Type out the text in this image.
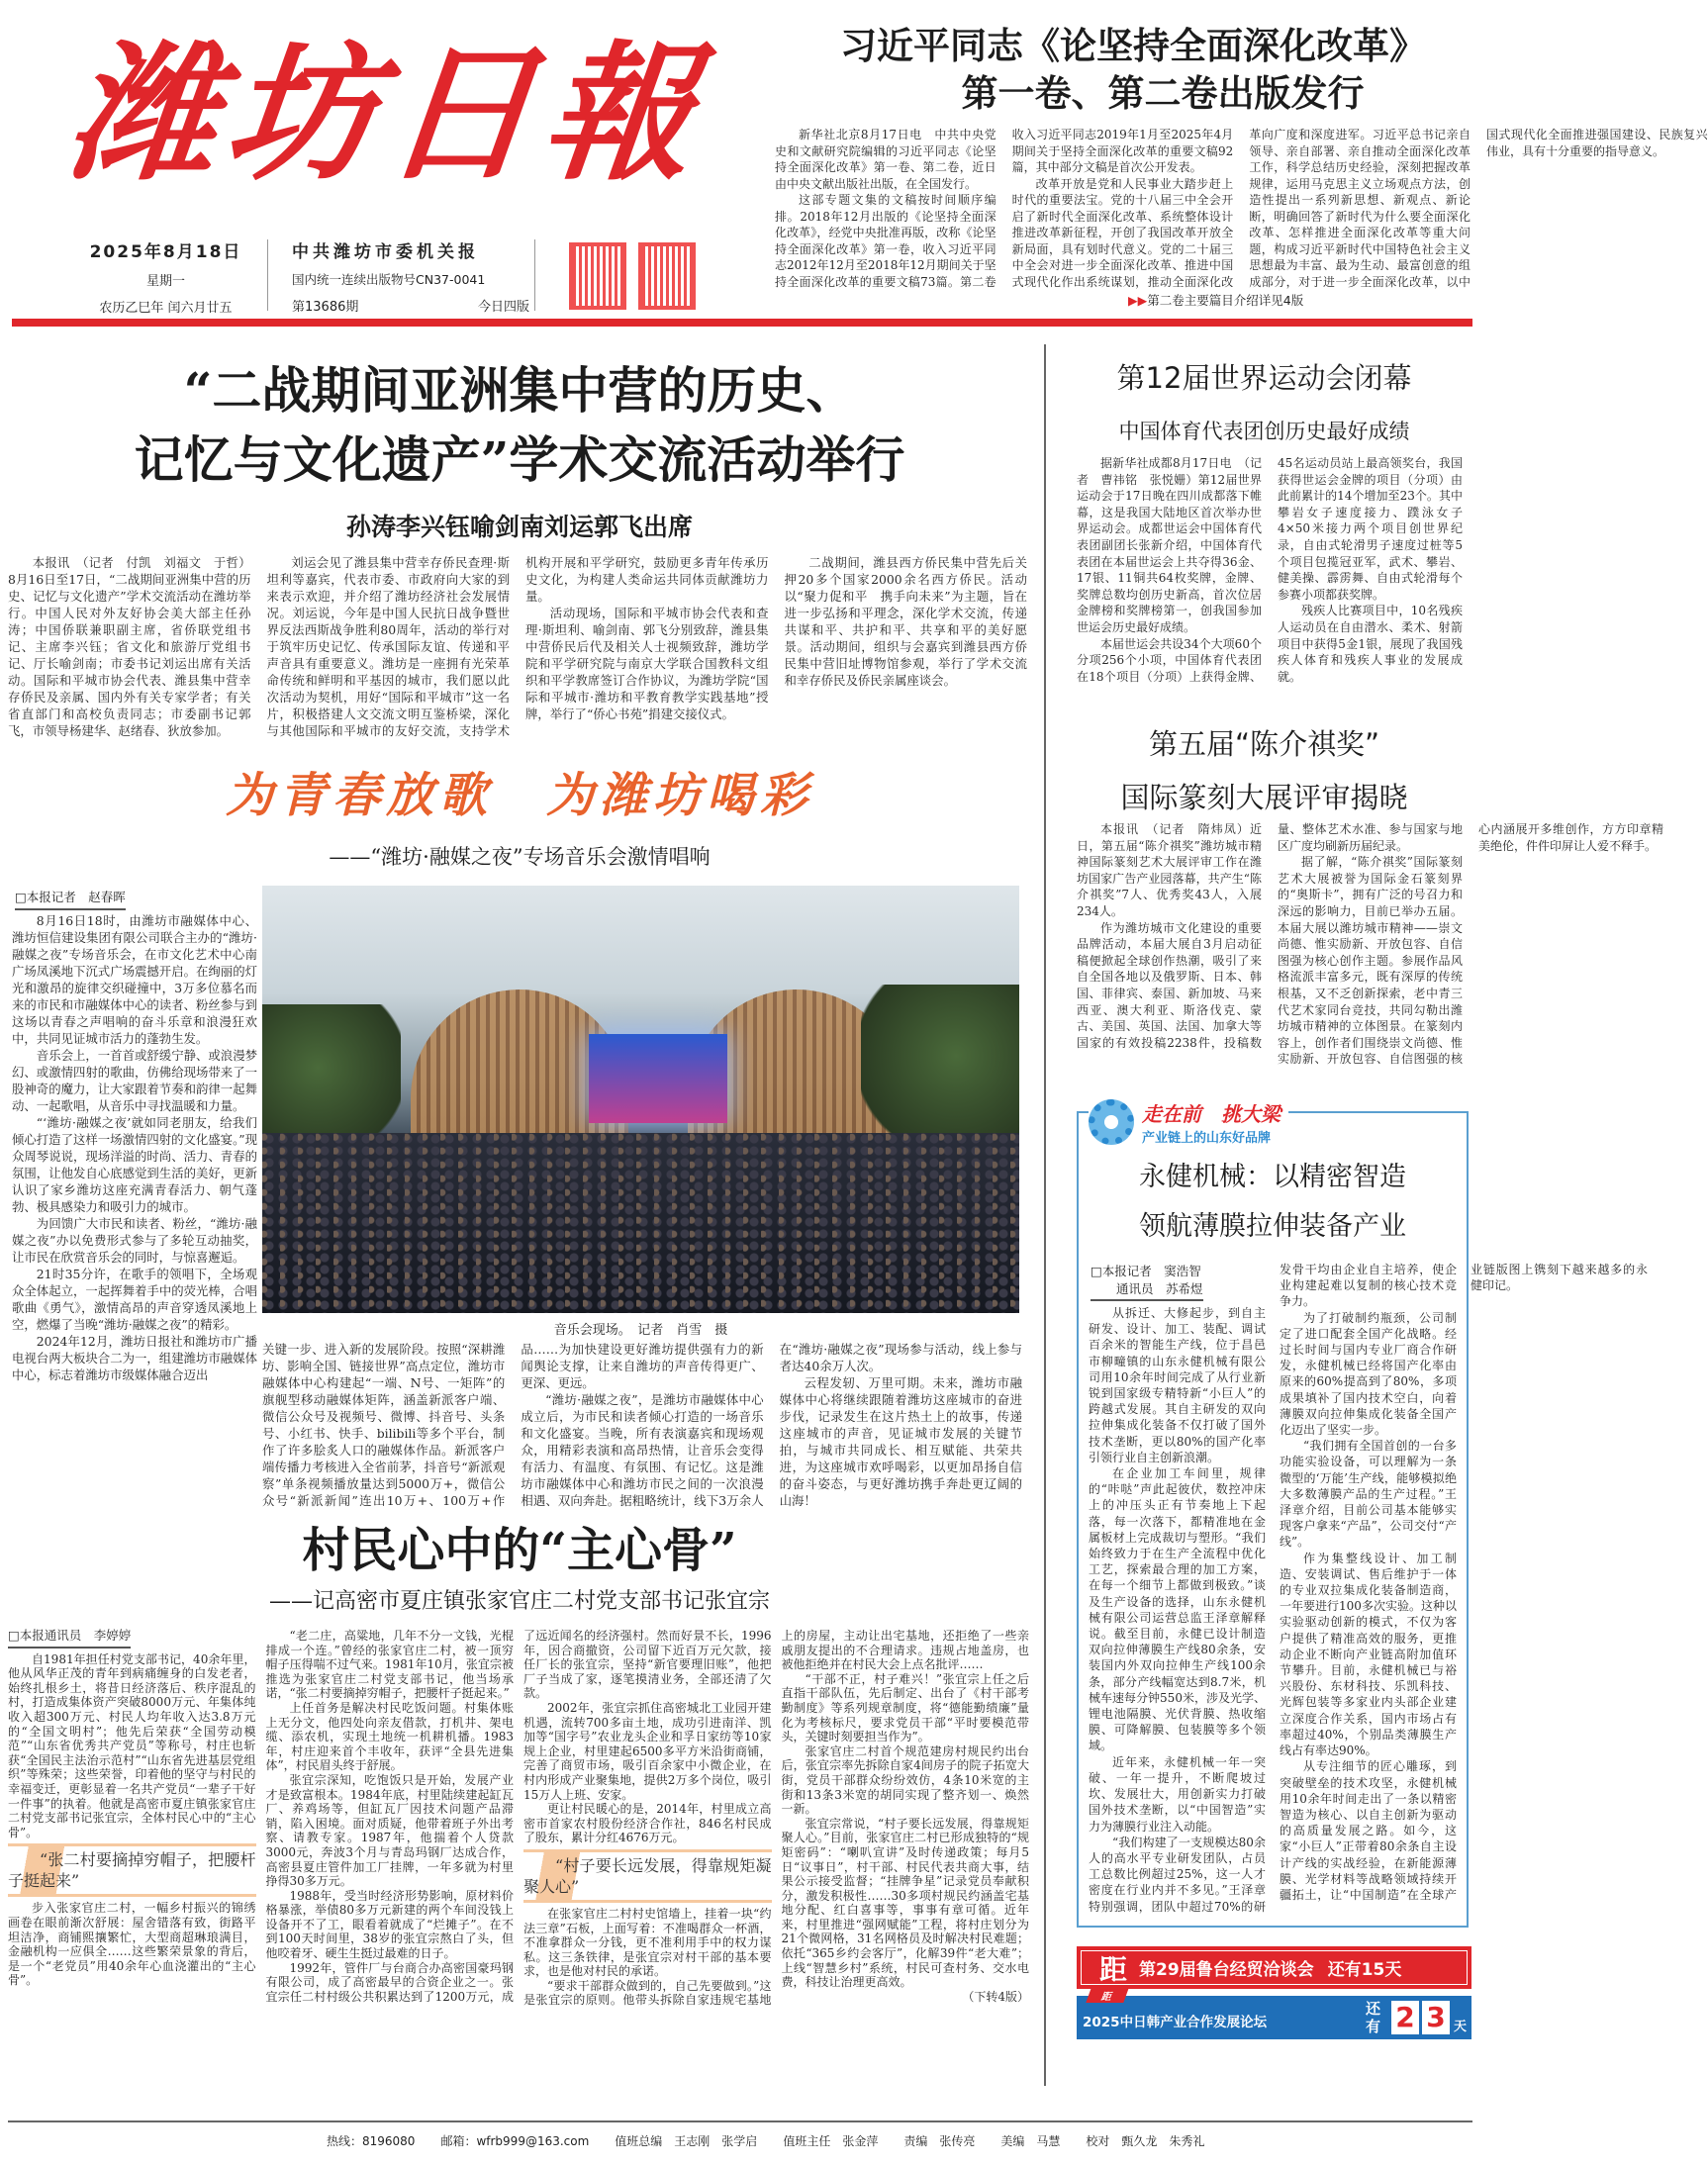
潍坊日報
2025年8月18日
星期一
农历乙巳年 闰六月廿五
中共潍坊市委机关报
国内统一连续出版物号CN37-0041
第13686期	今日四版
习近平同志《论坚持全面深化改革》
第一卷、第二卷出版发行

新华社北京8月17日电　中共中央党史和文献研究院编辑的习近平同志《论坚持全面深化改革》第一卷、第二卷，近日由中央文献出版社出版，在全国发行。

这部专题文集的文稿按时间顺序编排。2018年12月出版的《论坚持全面深化改革》，经党中央批准再版，改称《论坚持全面深化改革》第一卷，收入习近平同志2012年12月至2018年12月期间关于坚持全面深化改革的重要文稿73篇。第二卷收入习近平同志2019年1月至2025年4月期间关于坚持全面深化改革的重要文稿92篇，其中部分文稿是首次公开发表。

改革开放是党和人民事业大踏步赶上时代的重要法宝。党的十八届三中全会开启了新时代全面深化改革、系统整体设计推进改革新征程，开创了我国改革开放全新局面，具有划时代意义。党的二十届三中全会对进一步全面深化改革、推进中国式现代化作出系统谋划，推动全面深化改革向广度和深度进军。习近平总书记亲自领导、亲自部署、亲自推动全面深化改革工作，科学总结历史经验，深刻把握改革规律，运用马克思主义立场观点方法，创造性提出一系列新思想、新观点、新论断，明确回答了新时代为什么要全面深化改革、怎样推进全面深化改革等重大问题，构成习近平新时代中国特色社会主义思想最为丰富、最为生动、最富创意的组成部分，对于进一步全面深化改革，以中国式现代化全面推进强国建设、民族复兴伟业，具有十分重要的指导意义。

▶▶第二卷主要篇目介绍详见4版
“二战期间亚洲集中营的历史、
记忆与文化遗产”学术交流活动举行
孙涛李兴钰喻剑南刘运郭飞出席

本报讯　（记者　付凯　刘福文　于哲）8月16日至17日，“二战期间亚洲集中营的历史、记忆与文化遗产”学术交流活动在潍坊举行。中国人民对外友好协会美大部主任孙涛；中国侨联兼职副主席，省侨联党组书记、主席李兴钰；省文化和旅游厅党组书记、厅长喻剑南；市委书记刘运出席有关活动。国际和平城市协会代表、潍县集中营幸存侨民及亲属、国内外有关专家学者；有关省直部门和高校负责同志；市委副书记郭飞，市领导杨建华、赵绪春、狄放参加。

刘运会见了潍县集中营幸存侨民查理·斯坦利等嘉宾，代表市委、市政府向大家的到来表示欢迎，并介绍了潍坊经济社会发展情况。刘运说，今年是中国人民抗日战争暨世界反法西斯战争胜利80周年，活动的举行对于筑牢历史记忆、传承国际友谊、传递和平声音具有重要意义。潍坊是一座拥有光荣革命传统和鲜明和平基因的城市，我们愿以此次活动为契机，用好“国际和平城市”这一名片，积极搭建人文交流文明互鉴桥梁，深化与其他国际和平城市的友好交流，支持学术机构开展和平学研究，鼓励更多青年传承历史文化，为构建人类命运共同体贡献潍坊力量。

活动现场，国际和平城市协会代表和查理·斯坦利、喻剑南、郭飞分别致辞，潍县集中营侨民后代及相关人士视频致辞，潍坊学院和平学研究院与南京大学联合国教科文组织和平学教席签订合作协议，为潍坊学院“国际和平城市·潍坊和平教育教学实践基地”授牌，举行了“侨心书苑”捐建交接仪式。

二战期间，潍县西方侨民集中营先后关押20多个国家2000余名西方侨民。活动以“聚力促和平　携手向未来”为主题，旨在进一步弘扬和平理念，深化学术交流，传递共谋和平、共护和平、共享和平的美好愿景。活动期间，组织与会嘉宾到潍县西方侨民集中营旧址博物馆参观，举行了学术交流和幸存侨民及侨民亲属座谈会。

为青春放歌　为潍坊喝彩
——“潍坊·融媒之夜”专场音乐会激情唱响
□本报记者　赵春晖

8月16日18时，由潍坊市融媒体中心、潍坊恒信建设集团有限公司联合主办的“潍坊·融媒之夜”专场音乐会，在市文化艺术中心南广场凤溪地下沉式广场震撼开启。在绚丽的灯光和激昂的旋律交织碰撞中，3万多位慕名而来的市民和市融媒体中心的读者、粉丝参与到这场以青春之声唱响的奋斗乐章和浪漫狂欢中，共同见证城市活力的蓬勃生发。

音乐会上，一首首或舒缓宁静、或浪漫梦幻、或激情四射的歌曲，仿佛给现场带来了一股神奇的魔力，让大家跟着节奏和韵律一起舞动、一起歌唱，从音乐中寻找温暖和力量。

“‘潍坊·融媒之夜’就如同老朋友，给我们倾心打造了这样一场激情四射的文化盛宴。”现众周琴说说，现场洋溢的时尚、活力、青春的氛围，让他发自心底感觉到生活的美好，更新认识了家乡潍坊这座充满青春活力、朝气蓬勃、极具感染力和吸引力的城市。

为回馈广大市民和读者、粉丝，“潍坊·融媒之夜”办以免费形式参与了多轮互动抽奖，让市民在欣赏音乐会的同时，与惊喜邂逅。

21时35分许，在歌手的领唱下，全场观众全体起立，一起挥舞着手中的荧光棒，合唱歌曲《勇气》，激情高昂的声音穿透凤溪地上空，燃爆了当晚“潍坊·融媒之夜”的精彩。

2024年12月，潍坊日报社和潍坊市广播电视台两大板块合二为一，组建潍坊市融媒体中心，标志着潍坊市级媒体融合迈出

音乐会现场。　记者　肖雪　摄

关键一步、进入新的发展阶段。按照“深耕潍坊、影响全国、链接世界”高点定位，潍坊市融媒体中心构建起“一端、N号、一矩阵”的旗舰型移动融媒体矩阵，涵盖新派客户端、微信公众号及视频号、微博、抖音号、头条号、小红书、快手、bilibili等多个平台，制作了许多脍炙人口的融媒体作品。新派客户端传播力考核进入全省前茅，抖音号“新派观察”单条视频播放量达到5000万+，微信公众号“新派新闻”连出10万+、100万+作品……为加快建设更好潍坊提供强有力的新闻舆论支撑，让来自潍坊的声音传得更广、更深、更远。

“潍坊·融媒之夜”，是潍坊市融媒体中心成立后，为市民和读者倾心打造的一场音乐和文化盛宴。当晚，所有表演嘉宾和现场观众，用精彩表演和高昂热情，让音乐会变得有活力、有温度、有氛围、有记忆。这是潍坊市融媒体中心和潍坊市民之间的一次浪漫相遇、双向奔赴。据粗略统计，线下3万余人在“潍坊·融媒之夜”现场参与活动，线上参与者达40余万人次。

云程发轫、万里可期。未来，潍坊市融媒体中心将继续跟随着潍坊这座城市的奋进步伐，记录发生在这片热土上的故事，传递这座城市的声音，见证城市发展的关键节拍，与城市共同成长、相互赋能、共荣共进，为这座城市欢呼喝彩，以更加昂扬自信的奋斗姿态，与更好潍坊携手奔赴更辽阔的山海！

村民心中的“主心骨”
——记高密市夏庄镇张家官庄二村党支部书记张宜宗
□本报通讯员　李婷婷

自1981年担任村党支部书记，40余年里，他从风华正茂的青年到病痛缠身的白发老者，始终扎根乡土，将昔日经济落后、秩序混乱的村，打造成集体资产突破8000万元、年集体纯收入超300万元、村民人均年收入达3.8万元的“全国文明村”；他先后荣获“全国劳动模范”“山东省优秀共产党员”等称号，村庄也斩获“全国民主法治示范村”“山东省先进基层党组织”等殊荣；这些荣誉，印着他的坚守与村民的幸福变迁，更彰显着一名共产党员“一辈子干好一件事”的执着。他就是高密市夏庄镇张家官庄二村党支部书记张宜宗，全体村民心中的“主心骨”。

“张二村要摘掉穷帽子，把腰杆子挺起来”

步入张家官庄二村，一幅乡村振兴的锦绣画卷在眼前渐次舒展：屋舍错落有致，街路平坦洁净，商铺熙攘繁忙，大型商超琳琅满目，金融机构一应俱全……这些繁荣景象的背后，是一个“老党员”用40余年心血浇灌出的“主心骨”。

“老二庄，高粱地，几年不分一文钱，光棍排成一个连。”曾经的张家官庄二村，被一顶穷帽子压得喘不过气来。1981年10月，张宜宗被推选为张家官庄二村党支部书记，他当场承诺，“张二村要摘掉穷帽子，把腰杆子挺起来。”

上任首务是解决村民吃饭问题。村集体账上无分文，他四处向亲友借款，打机井、架电缆、添农机，实现土地统一机耕机播。1983年，村庄迎来首个丰收年，获评“全县先进集体”，村民眉头终于舒展。

张宜宗深知，吃饱饭只是开始，发展产业才是致富根本。1984年底，村里陆续建起缸瓦厂、养鸡场等，但缸瓦厂因技术问题产品滞销，陷入困境。面对质疑，他带着班子外出考察、请教专家。1987年，他揣着个人贷款3000元，奔波3个月与青岛玛钢厂达成合作，高密县夏庄管件加工厂挂牌，一年多就为村里挣得30多万元。

1988年，受当时经济形势影响，原材料价格暴涨，举债80多万元新建的两个车间没钱上设备开不了工，眼看着就成了“烂摊子”。在不到100天时间里，38岁的张宜宗熬白了头，但他咬着牙、硬生生挺过最难的日子。

1992年，管件厂与台商合办高密国豪玛钢有限公司，成了高密最早的合资企业之一。张宜宗任二村村级公共积累达到了1200万元，成了远近闻名的经济强村。然而好景不长，1996年，因合商撤资，公司留下近百万元欠款，接任厂长的张宜宗，坚持“新官要理旧账”，他把厂子当成了家，逐笔摸清业务，全部还清了欠款。

2002年，张宜宗抓住高密城北工业园开建机遇，流转700多亩土地，成功引进南洋、凯加等“国字号”农业龙头企业和孚日家纺等10家规上企业，村里建起6500多平方米沿街商铺，完善了商贸市场，吸引百余家中小微企业，在村内形成产业聚集地，提供2万多个岗位，吸引15万人上班、安家。

更让村民暖心的是，2014年，村里成立高密市首家农村股份经济合作社，846名村民成了股东，累计分红4676万元。

“村子要长远发展，得靠规矩凝聚人心”

在张家官庄二村村史馆墙上，挂着一块“约法三章”石板，上面写着：不准喝群众一杯酒，不准拿群众一分钱，更不准利用手中的权力谋私。这三条铁律，是张宜宗对村干部的基本要求，也是他对村民的承诺。

“要求干部群众做到的，自己先要做到。”这是张宜宗的原则。他带头拆除自家违规宅基地上的房屋，主动让出宅基地，还拒绝了一些亲戚朋友提出的不合理请求。违规占地盖房，也被他拒绝并在村民大会上点名批评……

“干部不正，村子难兴！”张宜宗上任之后直指干部队伍，先后制定、出台了《村干部考勤制度》等系列规章制度，将“德能勤绩廉”量化为考核标尺，要求党员干部“平时要模范带头，关键时刻要担当作为”。

张家官庄二村首个规范建房村规民约出台后，张宜宗率先拆除自家4间房子的院子拓宽大街，党员干部群众纷纷效仿，4条10米宽的主街和13条3米宽的胡同实现了整齐划一、焕然一新。

张宜宗常说，“村子要长远发展，得靠规矩聚人心。”目前，张家官庄二村已形成独特的“规矩密码”：“喇叭宣讲”及时传递政策；每月5日“议事日”，村干部、村民代表共商大事，结果公示接受监督；“挂牌争星”记录党员奉献积分，激发积极性……30多项村规民约涵盖宅基地分配、红白喜事等，事事有章可循。近年来，村里推进“强网赋能”工程，将村庄划分为21个微网格，31名网格员及时解决村民难题；依托“365乡约会客厅”，化解39件“老大难”；上线“智慧乡村”系统，村民可查村务、交水电费，科技让治理更高效。

（下转4版）
第12届世界运动会闭幕
中国体育代表团创历史最好成绩

据新华社成都8月17日电　（记者　曹祎铭　张悦姗）第12届世界运动会于17日晚在四川成都落下帷幕，这是我国大陆地区首次举办世界运动会。成都世运会中国体育代表团副团长张新介绍，中国体育代表团在本届世运会上共夺得36金、17银、11铜共64枚奖牌，金牌、奖牌总数均创历史新高，首次位居金牌榜和奖牌榜第一，创我国参加世运会历史最好成绩。

本届世运会共设34个大项60个分项256个小项，中国体育代表团在18个项目（分项）上获得金牌、45名运动员站上最高领奖台，我国获得世运会金牌的项目（分项）由此前累计的14个增加至23个。其中攀岩女子速度接力、蹼泳女子4×50米接力两个项目创世界纪录，自由式轮滑男子速度过桩等5个项目包揽冠亚军，武术、攀岩、健美操、霹雳舞、自由式轮滑每个参赛小项都获奖牌。

残疾人比赛项目中，10名残疾人运动员在自由潜水、柔术、射箭项目中获得5金1银，展现了我国残疾人体育和残疾人事业的发展成就。

第五届“陈介祺奖”
国际篆刻大展评审揭晓

本报讯　（记者　隋炜凤）近日，第五届“陈介祺奖”潍坊城市精神国际篆刻艺术大展评审工作在潍坊国家广告产业园落幕，共产生“陈介祺奖”7人、优秀奖43人，入展234人。

作为潍坊城市文化建设的重要品牌活动，本届大展自3月启动征稿便掀起全球创作热潮，吸引了来自全国各地以及俄罗斯、日本、韩国、菲律宾、泰国、新加坡、马来西亚、澳大利亚、斯洛伐克、蒙古、美国、英国、法国、加拿大等国家的有效投稿2238件，投稿数量、整体艺术水准、参与国家与地区广度均刷新历届纪录。

据了解，“陈介祺奖”国际篆刻艺术大展被誉为国际金石篆刻界的“奥斯卡”，拥有广泛的号召力和深远的影响力，目前已举办五届。本届大展以潍坊城市精神——崇文尚德、惟实励新、开放包容、自信图强为核心创作主题。参展作品风格流派丰富多元，既有深厚的传统根基，又不乏创新探索，老中青三代艺术家同台竞技，共同勾勒出潍坊城市精神的立体图景。在篆刻内容上，创作者们围绕崇文尚德、惟实励新、开放包容、自信图强的核心内涵展开多维创作，方方印章精美绝伦，件件印屏让人爱不释手。

走在前　挑大梁
产业链上的山东好品牌
永健机械：以精密智造
领航薄膜拉伸装备产业
□本报记者　窦浩智
通讯员　苏希煜

从拆迁、大修起步，到自主研发、设计、加工、装配、调试百余米的智能生产线，位于昌邑市柳疃镇的山东永健机械有限公司用10余年时间完成了从行业新锐到国家级专精特新“小巨人”的跨越式发展。其自主研发的双向拉伸集成化装备不仅打破了国外技术垄断，更以80%的国产化率引领行业自主创新浪潮。

在企业加工车间里，规律的“咔哒”声此起彼伏，数控冲床上的冲压头正有节奏地上下起落，每一次落下，都精准地在金属板材上完成裁切与塑形。“我们始终致力于在生产全流程中优化工艺，探索最合理的加工方案，在每一个细节上都做到极致。”谈及生产设备的选择，山东永健机械有限公司运营总监王泽章解释说。截至目前，永健已设计制造双向拉伸薄膜生产线80余条，安装国内外双向拉伸生产线100余条，部分产线幅宽达到8.7米，机械车速每分钟550米，涉及光学、锂电池隔膜、光伏背膜、热收缩膜、可降解膜、包装膜等多个领域。

近年来，永健机械一年一突破、一年一提升，不断爬坡过坎、发展壮大，用创新实力打破国外技术垄断，以“中国智造”实力为薄膜行业注入动能。

“我们构建了一支规模达80余人的高水平专业研发团队，占员工总数比例超过25%，这一人才密度在行业内并不多见。”王泽章特别强调，团队中超过70%的研发骨干均由企业自主培养，使企业构建起难以复制的核心技术竞争力。

为了打破制约瓶颈，公司制定了进口配套全国产化战略。经过长时间与国内专业厂商合作研发，永健机械已经将国产化率由原来的60%提高到了80%，多项成果填补了国内技术空白，向着薄膜双向拉伸集成化装备全国产化迈出了坚实一步。

“我们拥有全国首创的一台多功能实验设备，可以理解为一条微型的‘万能’生产线，能够模拟绝大多数薄膜产品的生产过程。”王泽章介绍，目前公司基本能够实现客户拿来“产品”，公司交付“产线”。

作为集整线设计、加工制造、安装调试、售后维护于一体的专业双拉集成化装备制造商，一年要进行100多次实验。这种以实验驱动创新的模式，不仅为客户提供了精准高效的服务，更推动企业不断向产业链高附加值环节攀升。目前，永健机械已与裕兴股份、东材科技、乐凯科技、光辉包装等多家业内头部企业建立深度合作关系，国内市场占有率超过40%，个别品类薄膜生产线占有率达90%。

从专注细节的匠心雕琢，到突破壁垒的技术攻坚，永健机械用10余年时间走出了一条以精密智造为核心、以自主创新为驱动的高质量发展之路。如今，这家“小巨人”正带着80余条自主设计产线的实战经验，在新能源薄膜、光学材料等战略领域持续开疆拓土，让“中国制造”在全球产业链版图上镌刻下越来越多的永健印记。

距 第29届鲁台经贸洽谈会 还有15天
距
2025中日韩产业合作发展论坛
还有 2 3 天
热线：8196080 邮箱：wfrb999@163.com 值班总编　王志刚　张学启 值班主任　张金萍 责编　张传亮 美编　马慧 校对　甄久龙　朱秀礼
